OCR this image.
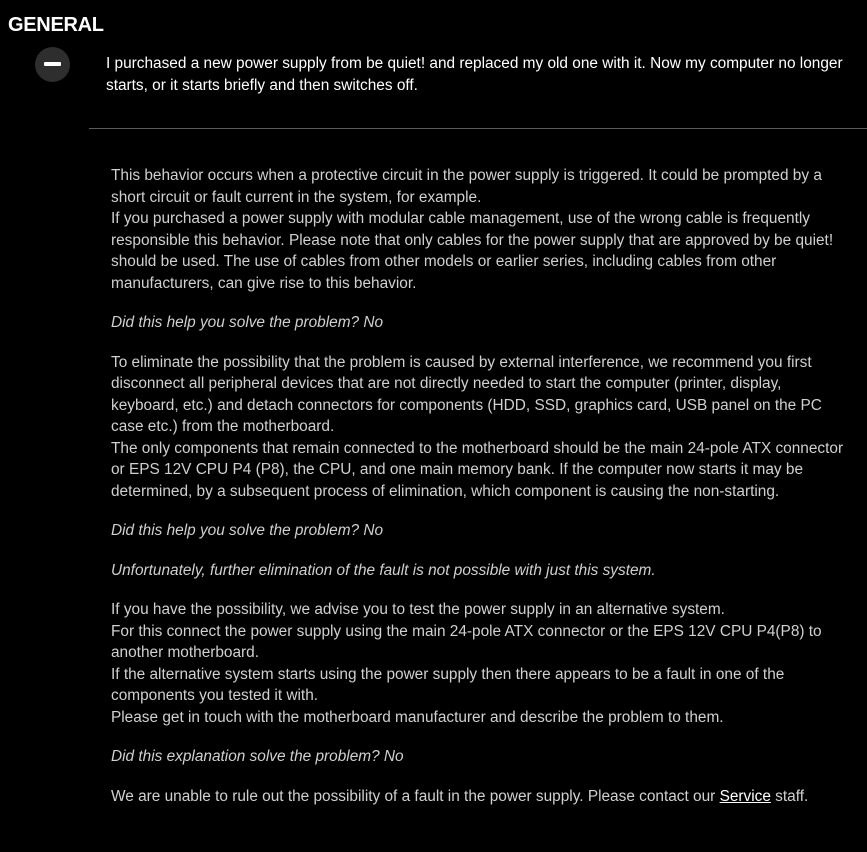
GENERAL

I purchased a new power supply from be quiet! and replaced my old one with it. Now my computer no longer starts, or it starts briefly and then switches off.

This behavior occurs when a protective circuit in the power supply is triggered. It could be prompted by a short circuit or fault current in the system, for example.
If you purchased a power supply with modular cable management, use of the wrong cable is frequently responsible this behavior. Please note that only cables for the power supply that are approved by be quiet! should be used. The use of cables from other models or earlier series, including cables from other manufacturers, can give rise to this behavior.

Did this help you solve the problem? No

To eliminate the possibility that the problem is caused by external interference, we recommend you first disconnect all peripheral devices that are not directly needed to start the computer (printer, display, keyboard, etc.) and detach connectors for components (HDD, SSD, graphics card, USB panel on the PC case etc.) from the motherboard.
The only components that remain connected to the motherboard should be the main 24-pole ATX connector or EPS 12V CPU P4 (P8), the CPU, and one main memory bank. If the computer now starts it may be determined, by a subsequent process of elimination, which component is causing the non-starting.

Did this help you solve the problem? No

Unfortunately, further elimination of the fault is not possible with just this system.

If you have the possibility, we advise you to test the power supply in an alternative system.
For this connect the power supply using the main 24-pole ATX connector or the EPS 12V CPU P4(P8) to another motherboard.
If the alternative system starts using the power supply then there appears to be a fault in one of the components you tested it with.
Please get in touch with the motherboard manufacturer and describe the problem to them.

Did this explanation solve the problem? No

We are unable to rule out the possibility of a fault in the power supply. Please contact our Service staff.
